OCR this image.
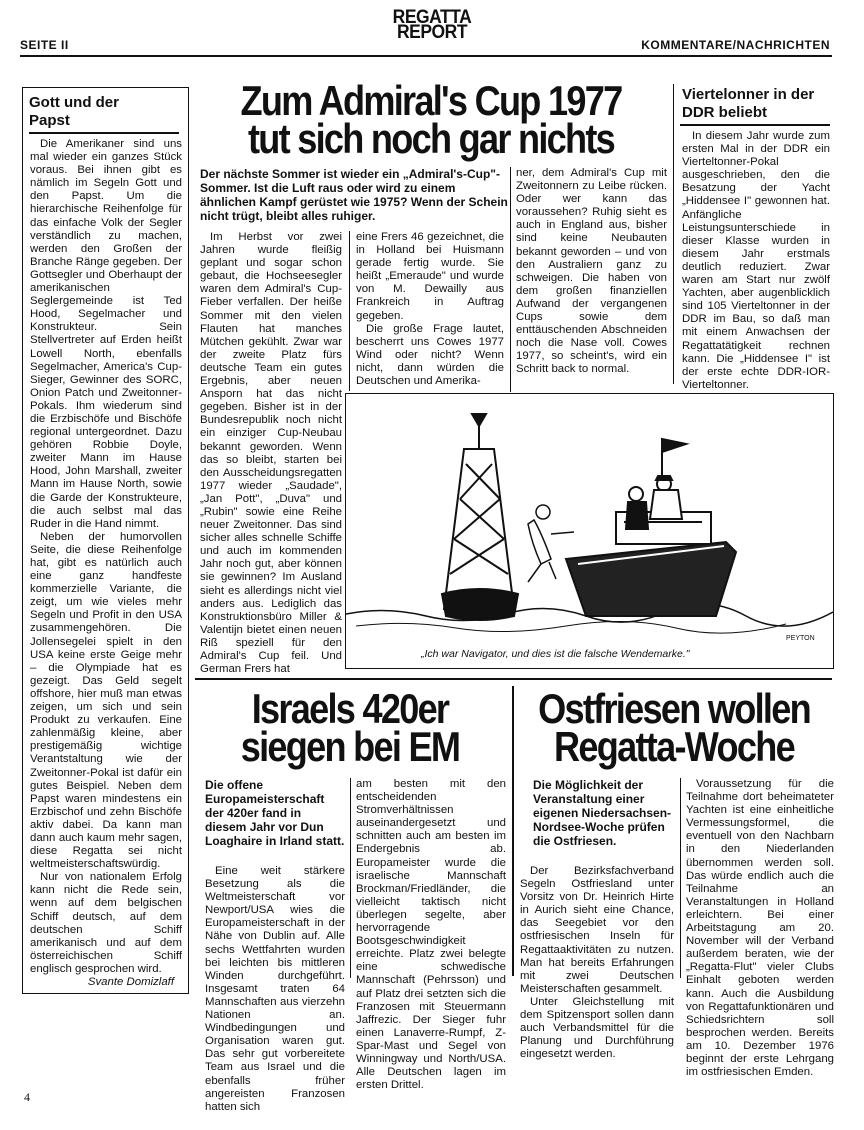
SEITE II
REGATTA
REPORT
KOMMENTARE/NACHRICHTEN
Gott und der Papst

Die Amerikaner sind uns mal wieder ein ganzes Stück voraus. Bei ihnen gibt es nämlich im Segeln Gott und den Papst. Um die hierarchische Reihenfolge für das einfache Volk der Segler verständlich zu machen, werden den Großen der Branche Ränge gegeben. Der Gottsegler und Oberhaupt der amerikanischen Seglergemeinde ist Ted Hood, Segelmacher und Konstrukteur. Sein Stellvertreter auf Erden heißt Lowell North, ebenfalls Segelmacher, America's Cup-Sieger, Gewinner des SORC, Onion Patch und Zweitonner-Pokals. Ihm wiederum sind die Erzbischöfe und Bischöfe regional untergeordnet. Dazu gehören Robbie Doyle, zweiter Mann im Hause Hood, John Marshall, zweiter Mann im Hause North, sowie die Garde der Konstrukteure, die auch selbst mal das Ruder in die Hand nimmt.

Neben der humorvollen Seite, die diese Reihenfolge hat, gibt es natürlich auch eine ganz handfeste kommerzielle Variante, die zeigt, um wie vieles mehr Segeln und Profit in den USA zusammengehören. Die Jollensegelei spielt in den USA keine erste Geige mehr – die Olympiade hat es gezeigt. Das Geld segelt offshore, hier muß man etwas zeigen, um sich und sein Produkt zu verkaufen. Eine zahlenmäßig kleine, aber prestigemäßig wichtige Verantstaltung wie der Zweitonner-Pokal ist dafür ein gutes Beispiel. Neben dem Papst waren mindestens ein Erzbischof und zehn Bischöfe aktiv dabei. Da kann man dann auch kaum mehr sagen, diese Regatta sei nicht weltmeisterschaftswürdig.

Nur von nationalem Erfolg kann nicht die Rede sein, wenn auf dem belgischen Schiff deutsch, auf dem deutschen Schiff amerikanisch und auf dem österreichischen Schiff englisch gesprochen wird.

Svante Domizlaff
Zum Admiral's Cup 1977
tut sich noch gar nichts
Der nächste Sommer ist wieder ein „Admiral's-Cup"-Sommer. Ist die Luft raus oder wird zu einem ähnlichen Kampf gerüstet wie 1975? Wenn der Schein nicht trügt, bleibt alles ruhiger.

Im Herbst vor zwei Jahren wurde fleißig geplant und sogar schon gebaut, die Hochseesegler waren dem Admiral's Cup-Fieber verfallen. Der heiße Sommer mit den vielen Flauten hat manches Mütchen gekühlt. Zwar war der zweite Platz fürs deutsche Team ein gutes Ergebnis, aber neuen Ansporn hat das nicht gegeben. Bisher ist in der Bundesrepublik noch nicht ein einziger Cup-Neubau bekannt geworden. Wenn das so bleibt, starten bei den Ausscheidungsregatten 1977 wieder „Saudade", „Jan Pott", „Duva" und „Rubin" sowie eine Reihe neuer Zweitonner. Das sind sicher alles schnelle Schiffe und auch im kommenden Jahr noch gut, aber können sie gewinnen? Im Ausland sieht es allerdings nicht viel anders aus. Lediglich das Konstruktionsbüro Miller & Valentijn bietet einen neuen Riß speziell für den Admiral's Cup feil. Und German Frers hat

eine Frers 46 gezeichnet, die in Holland bei Huismann gerade fertig wurde. Sie heißt „Emeraude" und wurde von M. Dewailly aus Frankreich in Auftrag gegeben.

Die große Frage lautet, bescherrt uns Cowes 1977 Wind oder nicht? Wenn nicht, dann würden die Deutschen und Amerika-

ner, dem Admiral's Cup mit Zweitonnern zu Leibe rücken. Oder wer kann das voraussehen? Ruhig sieht es auch in England aus, bisher sind keine Neubauten bekannt geworden – und von den Australiern ganz zu schweigen. Die haben von dem großen finanziellen Aufwand der vergangenen Cups sowie dem enttäuschenden Abschneiden noch die Nase voll. Cowes 1977, so scheint's, wird ein Schritt back to normal.

Viertelonner in der DDR beliebt

In diesem Jahr wurde zum ersten Mal in der DDR ein Vierteltonner-Pokal ausgeschrieben, den die Besatzung der Yacht „Hiddensee I" gewonnen hat. Anfängliche Leistungsunterschiede in dieser Klasse wurden in diesem Jahr erstmals deutlich reduziert. Zwar waren am Start nur zwölf Yachten, aber augenblicklich sind 105 Vierteltonner in der DDR im Bau, so daß man mit einem Anwachsen der Regattatätigkeit rechnen kann. Die „Hiddensee I" ist der erste echte DDR-IOR-Vierteltonner.

PEYTON
„Ich war Navigator, und dies ist die falsche Wendemarke."
Israels 420er
siegen bei EM
Die offene Europameisterschaft der 420er fand in diesem Jahr vor Dun Loaghaire in Irland statt.

Eine weit stärkere Besetzung als die Weltmeisterschaft vor Newport/USA wies die Europameisterschaft in der Nähe von Dublin auf. Alle sechs Wettfahrten wurden bei leichten bis mittleren Winden durchgeführt. Insgesamt traten 64 Mannschaften aus vierzehn Nationen an. Windbedingungen und Organisation waren gut. Das sehr gut vorbereitete Team aus Israel und die ebenfalls früher angereisten Franzosen hatten sich

am besten mit den entscheidenden Stromverhältnissen auseinandergesetzt und schnitten auch am besten im Endergebnis ab. Europameister wurde die israelische Mannschaft Brockman/Friedländer, die vielleicht taktisch nicht überlegen segelte, aber hervorragende Bootsgeschwindigkeit erreichte. Platz zwei belegte eine schwedische Mannschaft (Pehrsson) und auf Platz drei setzten sich die Franzosen mit Steuermann Jaffrezic. Der Sieger fuhr einen Lanaverre-Rumpf, Z-Spar-Mast und Segel von Winningway und North/USA. Alle Deutschen lagen im ersten Drittel.

Ostfriesen wollen
Regatta-Woche
Die Möglichkeit der Veranstaltung einer eigenen Niedersachsen-Nordsee-Woche prüfen die Ostfriesen.

Der Bezirksfachverband Segeln Ostfriesland unter Vorsitz von Dr. Heinrich Hirte in Aurich sieht eine Chance, das Seegebiet vor den ostfriesischen Inseln für Regattaaktivitäten zu nutzen. Man hat bereits Erfahrungen mit zwei Deutschen Meisterschaften gesammelt.

Unter Gleichstellung mit dem Spitzensport sollen dann auch Verbandsmittel für die Planung und Durchführung eingesetzt werden.

Voraussetzung für die Teilnahme dort beheimateter Yachten ist eine einheitliche Vermessungsformel, die eventuell von den Nachbarn in den Niederlanden übernommen werden soll. Das würde endlich auch die Teilnahme an Veranstaltungen in Holland erleichtern. Bei einer Arbeitstagung am 20. November will der Verband außerdem beraten, wie der „Regatta-Flut" vieler Clubs Einhalt geboten werden kann. Auch die Ausbildung von Regattafunktionären und Schiedsrichtern soll besprochen werden. Bereits am 10. Dezember 1976 beginnt der erste Lehrgang im ostfriesischen Emden.

4
